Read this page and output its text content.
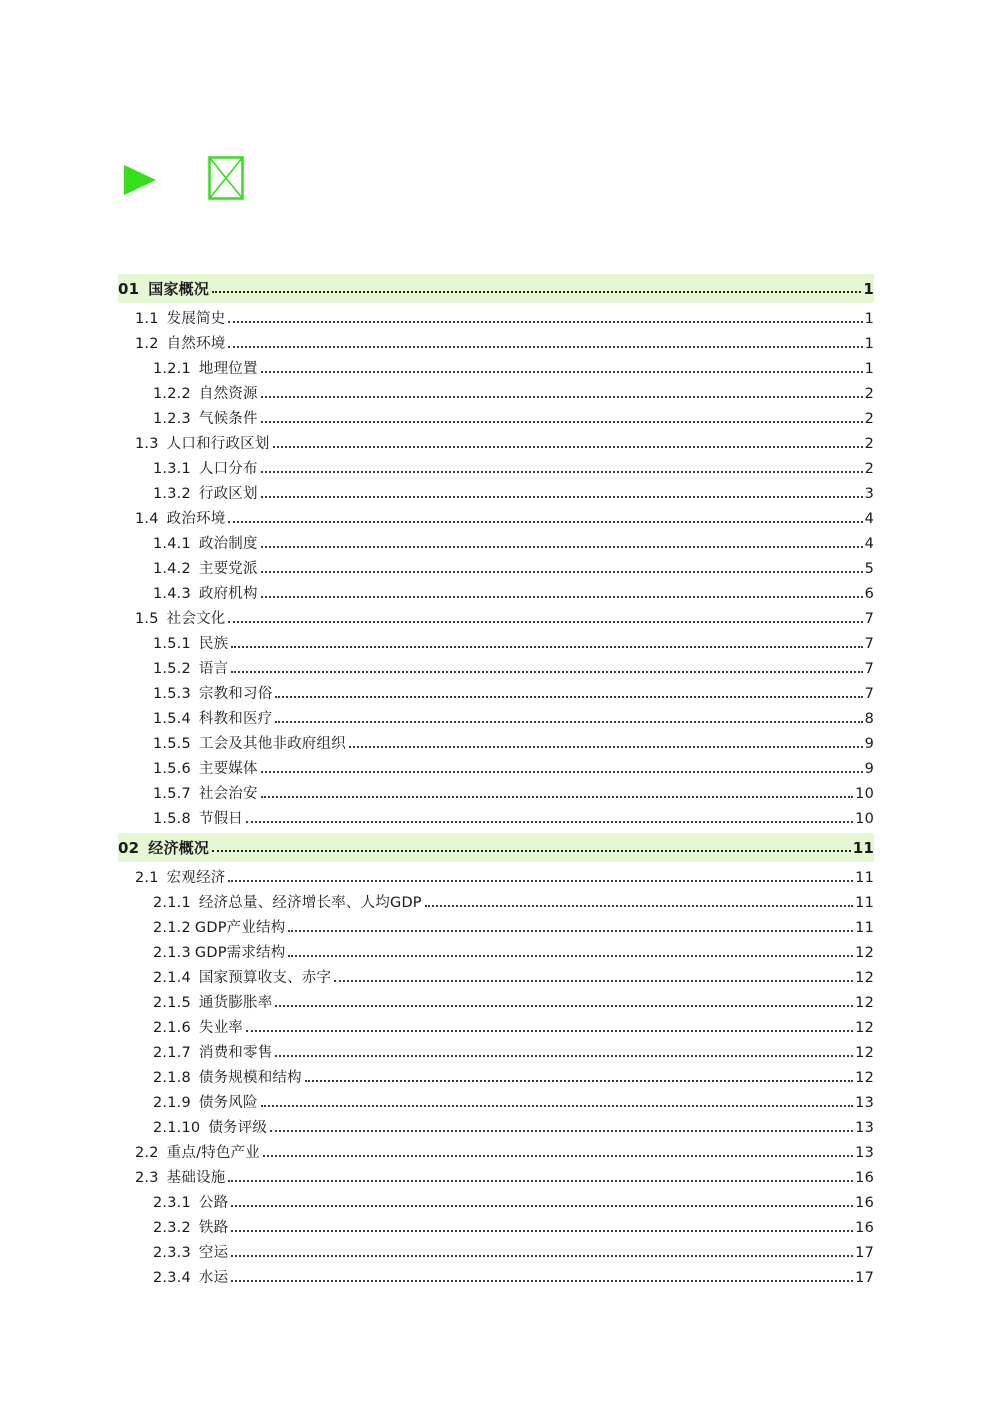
01 国家概况	1
1.1 发展简史	1
1.2 自然环境	1
1.2.1 地理位置	1
1.2.2 自然资源	2
1.2.3 气候条件	2
1.3 人口和行政区划	2
1.3.1 人口分布	2
1.3.2 行政区划	3
1.4 政治环境	4
1.4.1 政治制度	4
1.4.2 主要党派	5
1.4.3 政府机构	6
1.5 社会文化	7
1.5.1 民族	7
1.5.2 语言	7
1.5.3 宗教和习俗	7
1.5.4 科教和医疗	8
1.5.5 工会及其他非政府组织	9
1.5.6 主要媒体	9
1.5.7 社会治安	10
1.5.8 节假日	10
02 经济概况	11
2.1 宏观经济	11
2.1.1 经济总量、经济增长率、人均GDP	11
2.1.2 GDP产业结构	11
2.1.3 GDP需求结构	12
2.1.4 国家预算收支、赤字	12
2.1.5 通货膨胀率	12
2.1.6 失业率	12
2.1.7 消费和零售	12
2.1.8 债务规模和结构	12
2.1.9 债务风险	13
2.1.10 债务评级	13
2.2 重点/特色产业	13
2.3 基础设施	16
2.3.1 公路	16
2.3.2 铁路	16
2.3.3 空运	17
2.3.4 水运	17
